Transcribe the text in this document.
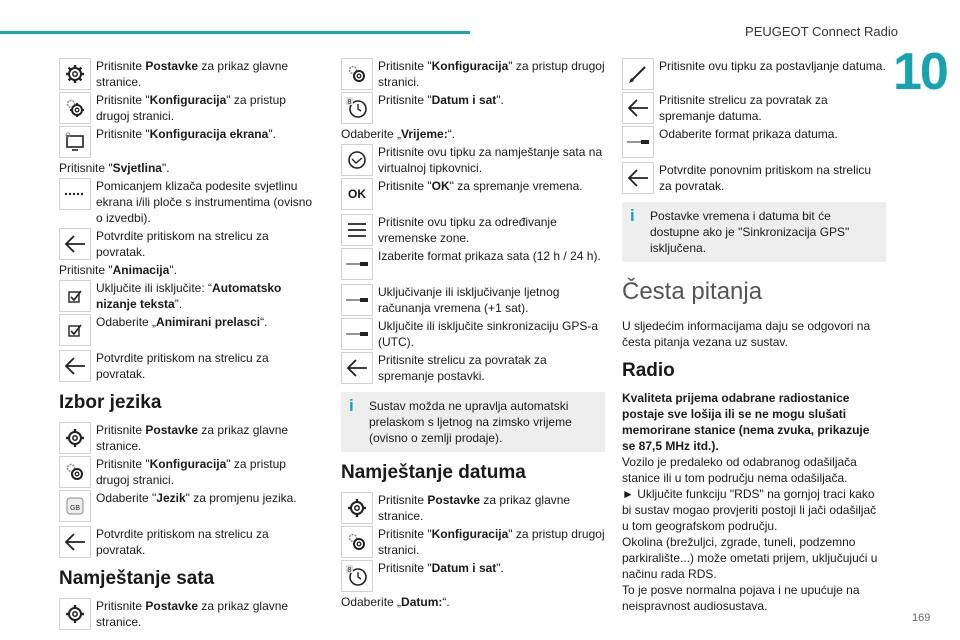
PEUGEOT Connect Radio
10
169
Pritisnite Postavke za prikaz glavne stranice.
Pritisnite "Konfiguracija" za pristup drugoj stranici.
Pritisnite "Konfiguracija ekrana".
Pritisnite "Svjetlina".
Pomicanjem klizača podesite svjetlinu ekrana i/ili ploče s instrumentima (ovisno o izvedbi).
Potvrdite pritiskom na strelicu za povratak.
Pritisnite "Animacija".
Uključite ili isključite: “Automatsko nizanje teksta”.
Odaberite „Animirani prelasci“.
Potvrdite pritiskom na strelicu za povratak.
Izbor jezika
Pritisnite Postavke za prikaz glavne stranice.
Pritisnite "Konfiguracija" za pristup drugoj stranici.
GB
Odaberite "Jezik" za promjenu jezika.
Potvrdite pritiskom na strelicu za povratak.
Namještanje sata
Pritisnite Postavke za prikaz glavne stranice.
Pritisnite "Konfiguracija" za pristup drugoj stranici.
8 Pritisnite "Datum i sat".
Odaberite „Vrijeme:“.
Pritisnite ovu tipku za namještanje sata na virtualnoj tipkovnici.
OK
Pritisnite "OK" za spremanje vremena.
Pritisnite ovu tipku za određivanje vremenske zone.
Izaberite format prikaza sata (12 h / 24 h).
Uključivanje ili isključivanje ljetnog računanja vremena (+1 sat).
Uključite ili isključite sinkronizaciju GPS-a (UTC).
Pritisnite strelicu za povratak za spremanje postavki.
i	Sustav možda ne upravlja automatski prelaskom s ljetnog na zimsko vrijeme (ovisno o zemlji prodaje).
Namještanje datuma
Pritisnite Postavke za prikaz glavne stranice.
Pritisnite "Konfiguracija" za pristup drugoj stranici.
8 Pritisnite "Datum i sat".
Odaberite „Datum:“.
Pritisnite ovu tipku za postavljanje datuma.
Pritisnite strelicu za povratak za spremanje datuma.
Odaberite format prikaza datuma.
Potvrdite ponovnim pritiskom na strelicu za povratak.
i	Postavke vremena i datuma bit će dostupne ako je "Sinkronizacija GPS" isključena.
Česta pitanja
U sljedećim informacijama daju se odgovori na česta pitanja vezana uz sustav.
Radio
Kvaliteta prijema odabrane radiostanice postaje sve lošija ili se ne mogu slušati memorirane stanice (nema zvuka, prikazuje se 87,5 MHz itd.).
Vozilo je predaleko od odabranog odašiljača stanice ili u tom području nema odašiljača.
► Uključite funkciju "RDS" na gornjoj traci kako bi sustav mogao provjeriti postoji li jači odašiljač u tom geografskom području.
Okolina (brežuljci, zgrade, tuneli, podzemno parkiralište...) može ometati prijem, uključujući u načinu rada RDS.
To je posve normalna pojava i ne upućuje na neispravnost audiosustava.
